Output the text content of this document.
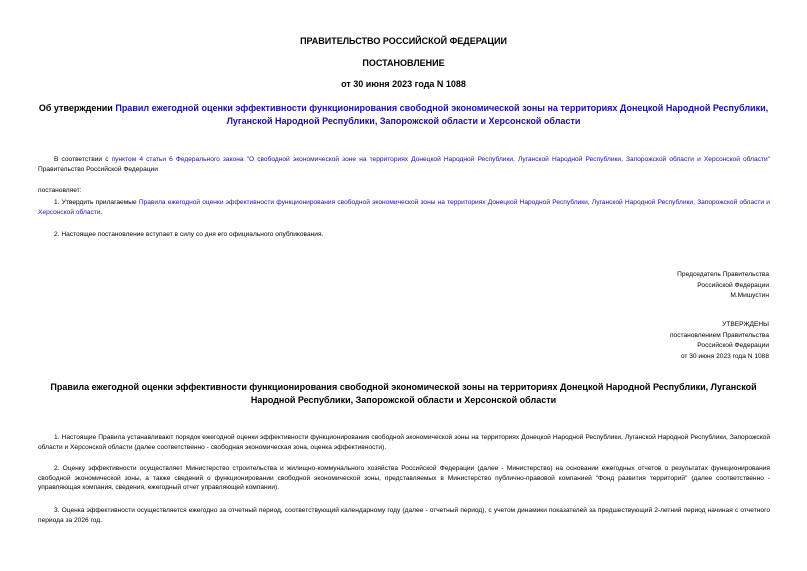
ПРАВИТЕЛЬСТВО РОССИЙСКОЙ ФЕДЕРАЦИИ
ПОСТАНОВЛЕНИЕ
от 30 июня 2023 года N 1088
Об утверждении Правил ежегодной оценки эффективности функционирования свободной экономической зоны на территориях Донецкой Народной Республики, Луганской Народной Республики, Запорожской области и Херсонской области
В соответствии с пунктом 4 статьи 6 Федерального закона "О свободной экономической зоне на территориях Донецкой Народной Республики, Луганской Народной Республики, Запорожской области и Херсонской области" Правительство Российской Федерации
постановляет:
1. Утвердить прилагаемые Правила ежегодной оценки эффективности функционирования свободной экономической зоны на территориях Донецкой Народной Республики, Луганской Народной Республики, Запорожской области и Херсонской области.
2. Настоящее постановление вступает в силу со дня его официального опубликования.
Председатель Правительства
Российской Федерации
М.Мишустин
УТВЕРЖДЕНЫ
постановлением Правительства
Российской Федерации
от 30 июня 2023 года N 1088
Правила ежегодной оценки эффективности функционирования свободной экономической зоны на территориях Донецкой Народной Республики, Луганской Народной Республики, Запорожской области и Херсонской области
1. Настоящие Правила устанавливают порядок ежегодной оценки эффективности функционирования свободной экономической зоны на территориях Донецкой Народной Республики, Луганской Народной Республики, Запорожской области и Херсонской области (далее соответственно - свободная экономическая зона, оценка эффективности).
2. Оценку эффективности осуществляет Министерство строительства и жилищно-коммунального хозяйства Российской Федерации (далее - Министерство) на основании ежегодных отчетов о результатах функционирования свободной экономической зоны, а также сведений о функционировании свободной экономической зоны, представляемых в Министерство публично-правовой компанией "Фонд развития территорий" (далее соответственно - управляющая компания, сведения, ежегодный отчет управляющей компании).
3. Оценка эффективности осуществляется ежегодно за отчетный период, соответствующий календарному году (далее - отчетный период), с учетом динамики показателей за предшествующий 2-летний период начиная с отчетного периода за 2026 год.
